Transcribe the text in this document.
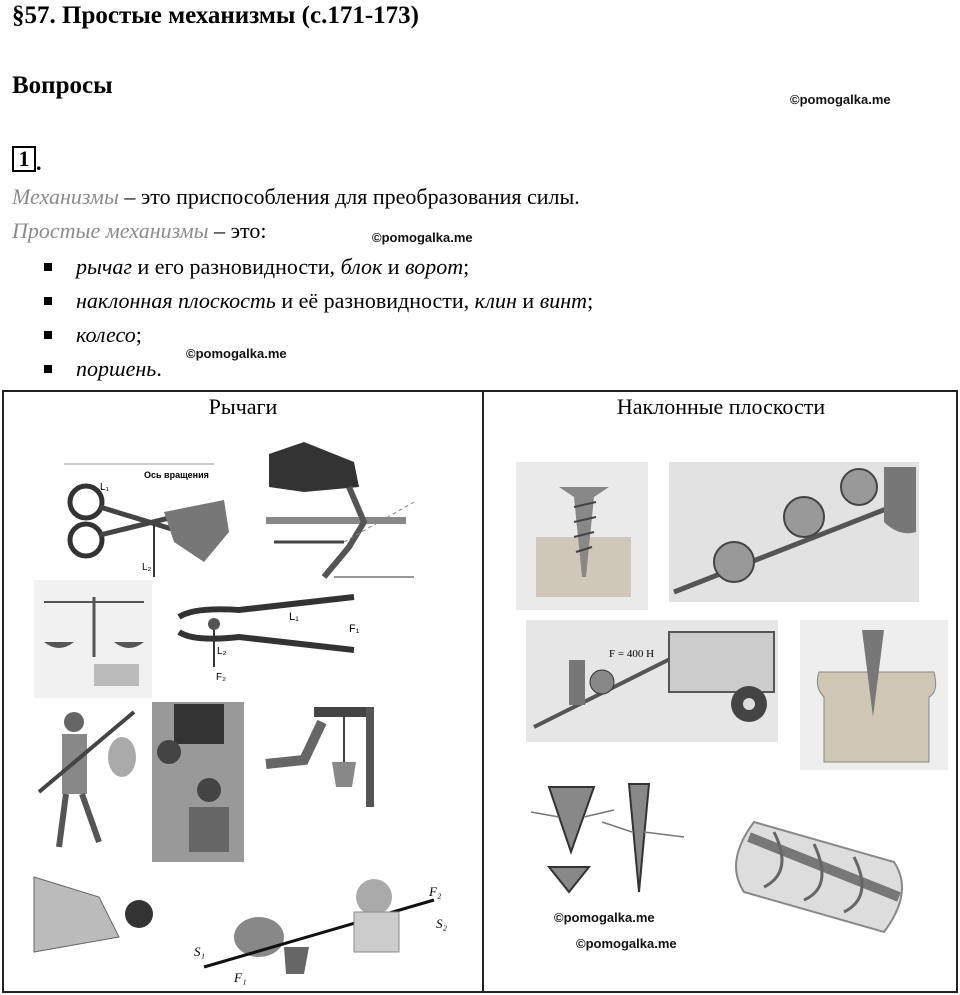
§57. Простые механизмы (с.171-173)
Вопросы
©pomogalka.me
1 .
Механизмы – это приспособления для преобразования силы.
Простые механизмы – это:	©pomogalka.me
рычаг и его разновидности, блок и ворот;
наклонная плоскость и её разновидности, клин и винт;
колесо;
©pomogalka.me
поршень.
Рычаги	Наклонные плоскости
Ось вращения
L₁
L₂
L₁
F₁
L₂
F₂
F₂
S₂
S₁
F₁
F = 400 Н
©pomogalka.me
©pomogalka.me
